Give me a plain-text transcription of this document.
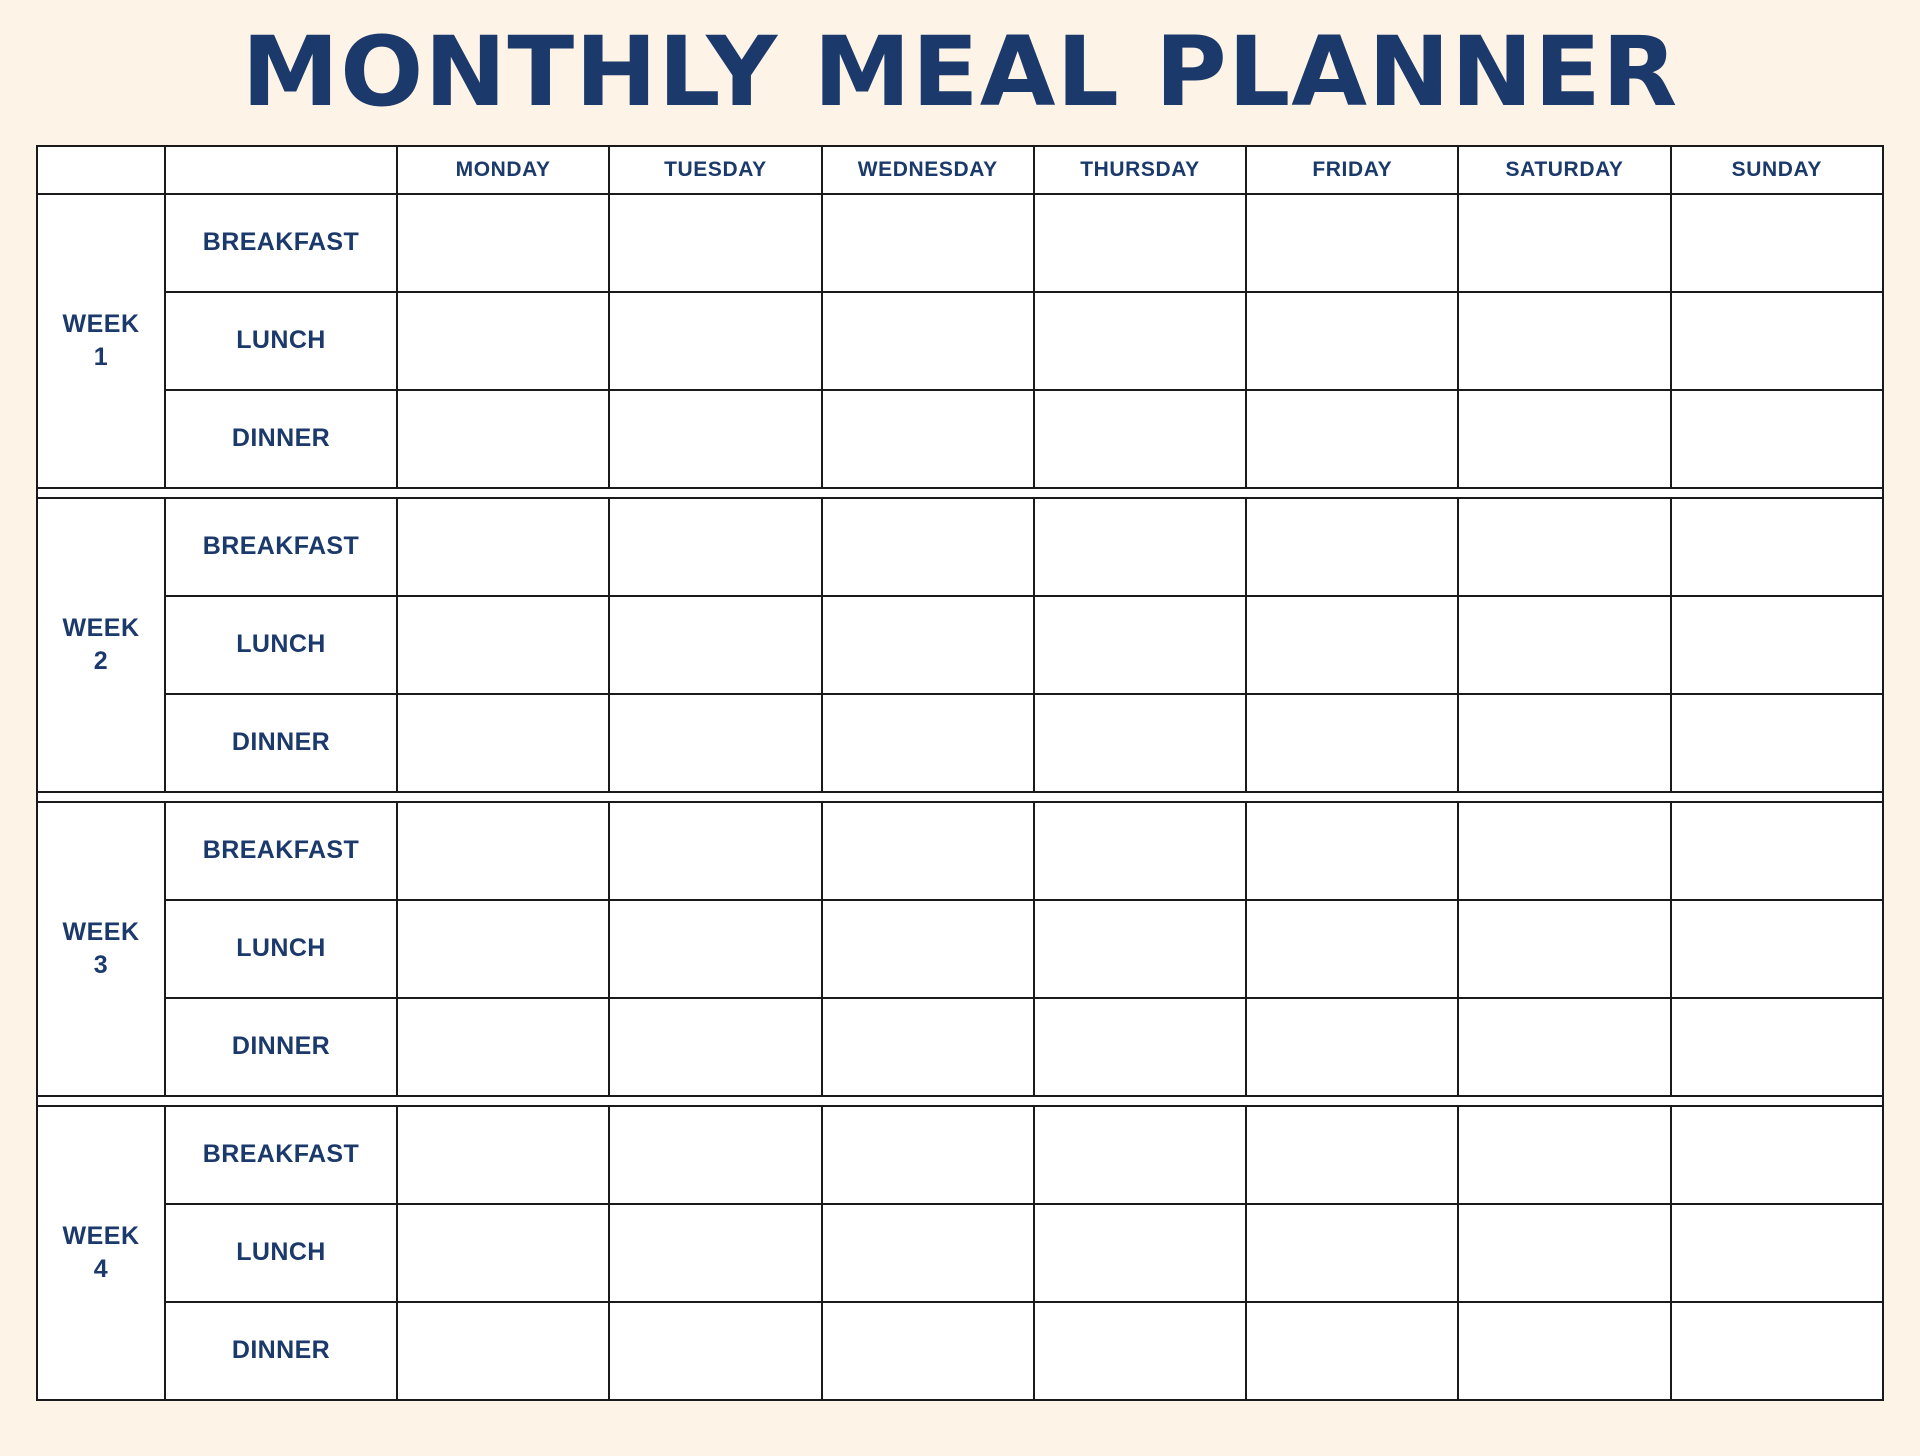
MONTHLY MEAL PLANNER
		MONDAY	TUESDAY	WEDNESDAY	THURSDAY	FRIDAY	SATURDAY	SUNDAY
WEEK
1	BREAKFAST							
	LUNCH							
	DINNER							

WEEK
2	BREAKFAST							
	LUNCH							
	DINNER							

WEEK
3	BREAKFAST							
	LUNCH							
	DINNER							

WEEK
4	BREAKFAST							
	LUNCH							
	DINNER							
